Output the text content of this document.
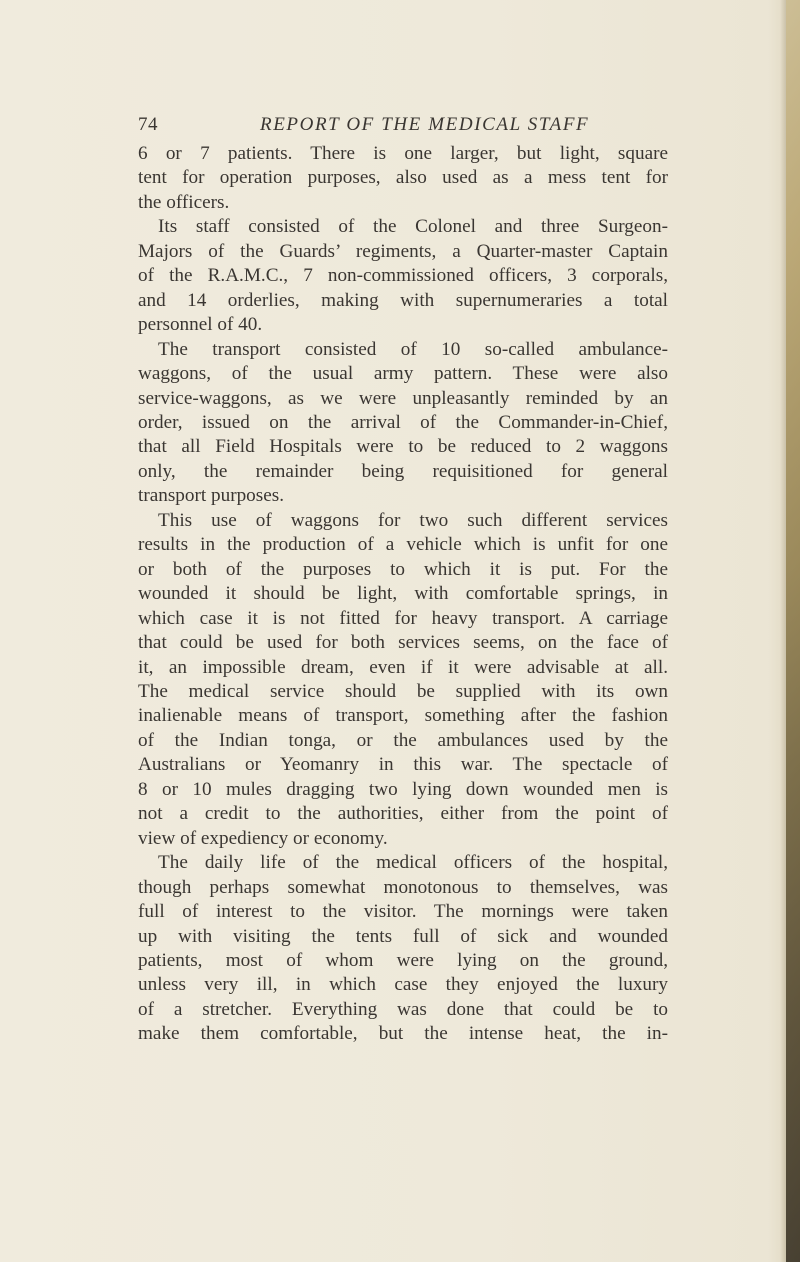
74	REPORT OF THE MEDICAL STAFF
6 or 7 patients. There is one larger, but light, square
tent for operation purposes, also used as a mess tent for
the officers.
Its staff consisted of the Colonel and three Surgeon-
Majors of the Guards’ regiments, a Quarter-master Captain
of the R.A.M.C., 7 non-commissioned officers, 3 corporals,
and 14 orderlies, making with supernumeraries a total
personnel of 40.
The transport consisted of 10 so-called ambulance-
waggons, of the usual army pattern. These were also
service-waggons, as we were unpleasantly reminded by an
order, issued on the arrival of the Commander-in-Chief,
that all Field Hospitals were to be reduced to 2 waggons
only, the remainder being requisitioned for general
transport purposes.
This use of waggons for two such different services
results in the production of a vehicle which is unfit for one
or both of the purposes to which it is put. For the
wounded it should be light, with comfortable springs, in
which case it is not fitted for heavy transport. A carriage
that could be used for both services seems, on the face of
it, an impossible dream, even if it were advisable at all.
The medical service should be supplied with its own
inalienable means of transport, something after the fashion
of the Indian tonga, or the ambulances used by the
Australians or Yeomanry in this war. The spectacle of
8 or 10 mules dragging two lying down wounded men is
not a credit to the authorities, either from the point of
view of expediency or economy.
The daily life of the medical officers of the hospital,
though perhaps somewhat monotonous to themselves, was
full of interest to the visitor. The mornings were taken
up with visiting the tents full of sick and wounded
patients, most of whom were lying on the ground,
unless very ill, in which case they enjoyed the luxury
of a stretcher. Everything was done that could be to
make them comfortable, but the intense heat, the in-
